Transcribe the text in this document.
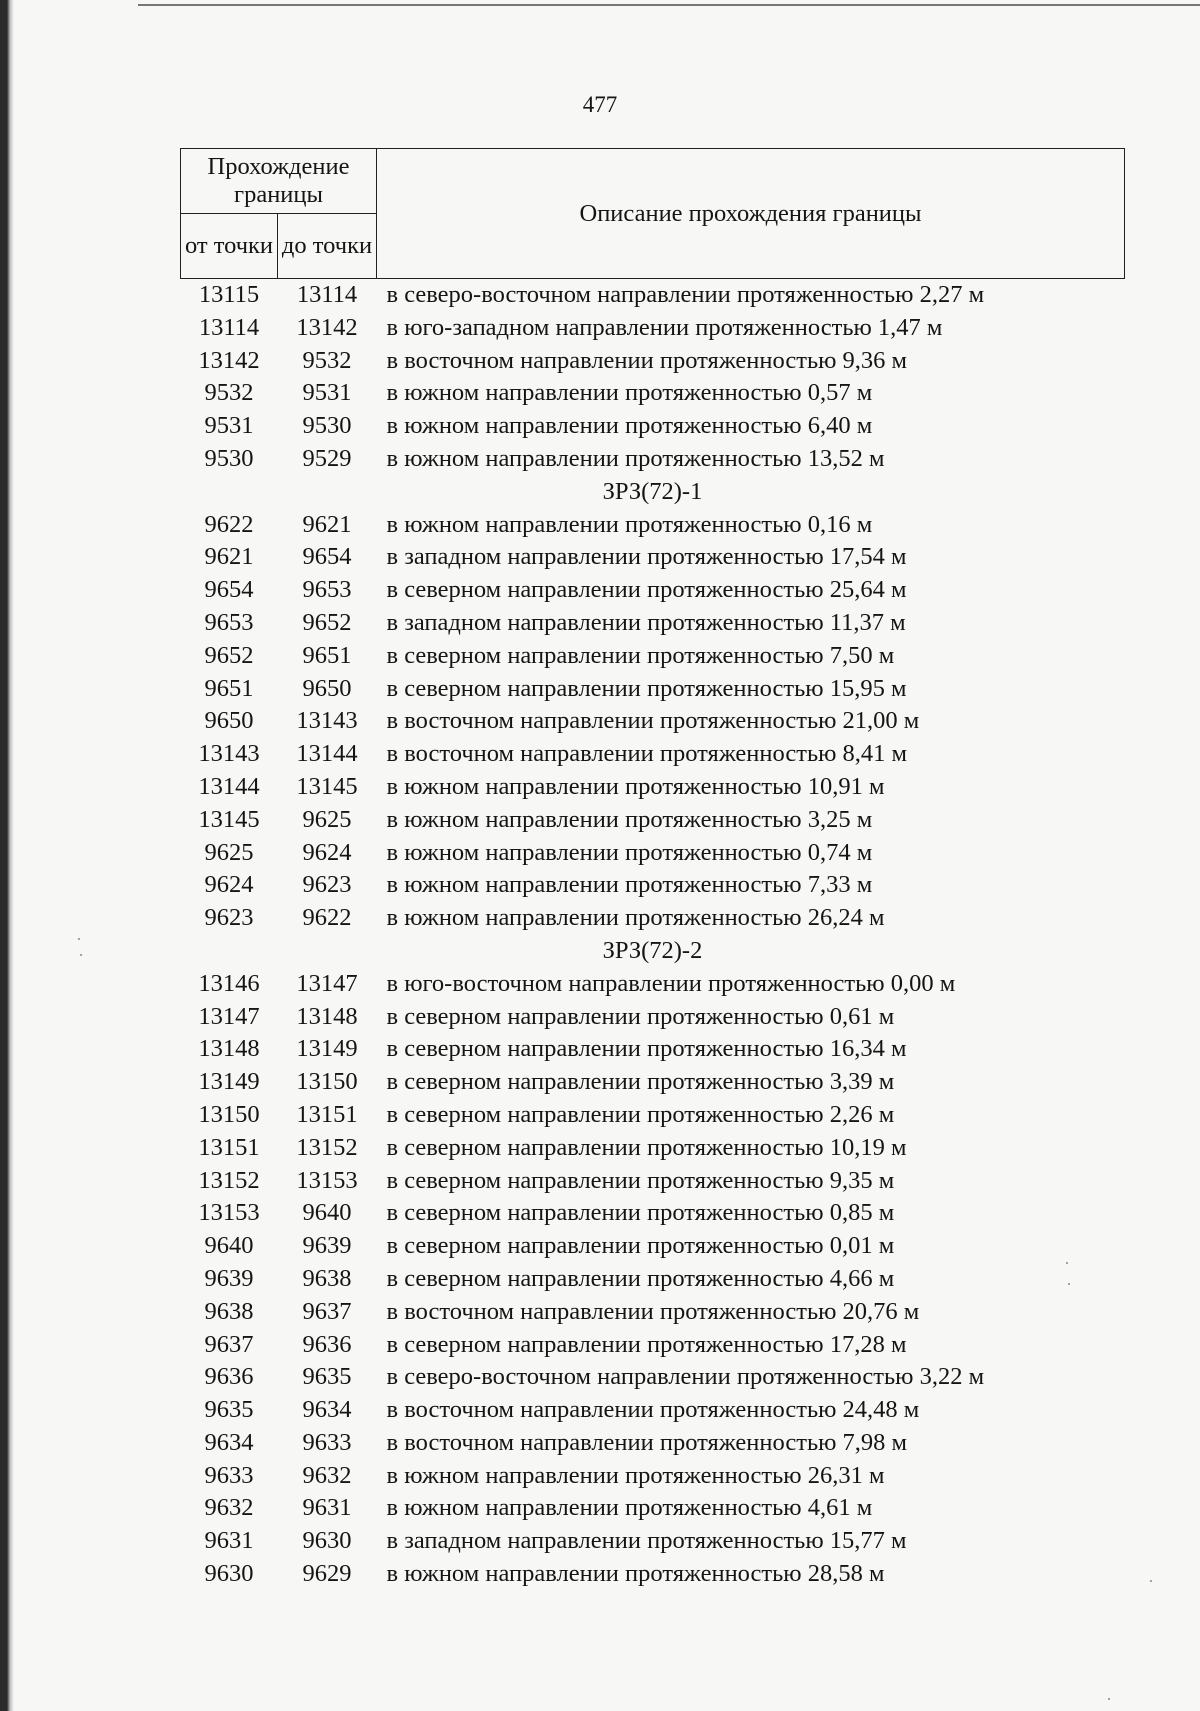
477
Прохождение границы		Описание прохождения границы
от точки	до точки	
13115	13114	в северо-восточном направлении протяженностью 2,27 м
13114	13142	в юго-западном направлении протяженностью 1,47 м
13142	9532	в восточном направлении протяженностью 9,36 м
9532	9531	в южном направлении протяженностью 0,57 м
9531	9530	в южном направлении протяженностью 6,40 м
9530	9529	в южном направлении протяженностью 13,52 м
ЗРЗ(72)-1		
9622	9621	в южном направлении протяженностью 0,16 м
9621	9654	в западном направлении протяженностью 17,54 м
9654	9653	в северном направлении протяженностью 25,64 м
9653	9652	в западном направлении протяженностью 11,37 м
9652	9651	в северном направлении протяженностью 7,50 м
9651	9650	в северном направлении протяженностью 15,95 м
9650	13143	в восточном направлении протяженностью 21,00 м
13143	13144	в восточном направлении протяженностью 8,41 м
13144	13145	в южном направлении протяженностью 10,91 м
13145	9625	в южном направлении протяженностью 3,25 м
9625	9624	в южном направлении протяженностью 0,74 м
9624	9623	в южном направлении протяженностью 7,33 м
9623	9622	в южном направлении протяженностью 26,24 м
ЗРЗ(72)-2		
13146	13147	в юго-восточном направлении протяженностью 0,00 м
13147	13148	в северном направлении протяженностью 0,61 м
13148	13149	в северном направлении протяженностью 16,34 м
13149	13150	в северном направлении протяженностью 3,39 м
13150	13151	в северном направлении протяженностью 2,26 м
13151	13152	в северном направлении протяженностью 10,19 м
13152	13153	в северном направлении протяженностью 9,35 м
13153	9640	в северном направлении протяженностью 0,85 м
9640	9639	в северном направлении протяженностью 0,01 м
9639	9638	в северном направлении протяженностью 4,66 м
9638	9637	в восточном направлении протяженностью 20,76 м
9637	9636	в северном направлении протяженностью 17,28 м
9636	9635	в северо-восточном направлении протяженностью 3,22 м
9635	9634	в восточном направлении протяженностью 24,48 м
9634	9633	в восточном направлении протяженностью 7,98 м
9633	9632	в южном направлении протяженностью 26,31 м
9632	9631	в южном направлении протяженностью 4,61 м
9631	9630	в западном направлении протяженностью 15,77 м
9630	9629	в южном направлении протяженностью 28,58 м
